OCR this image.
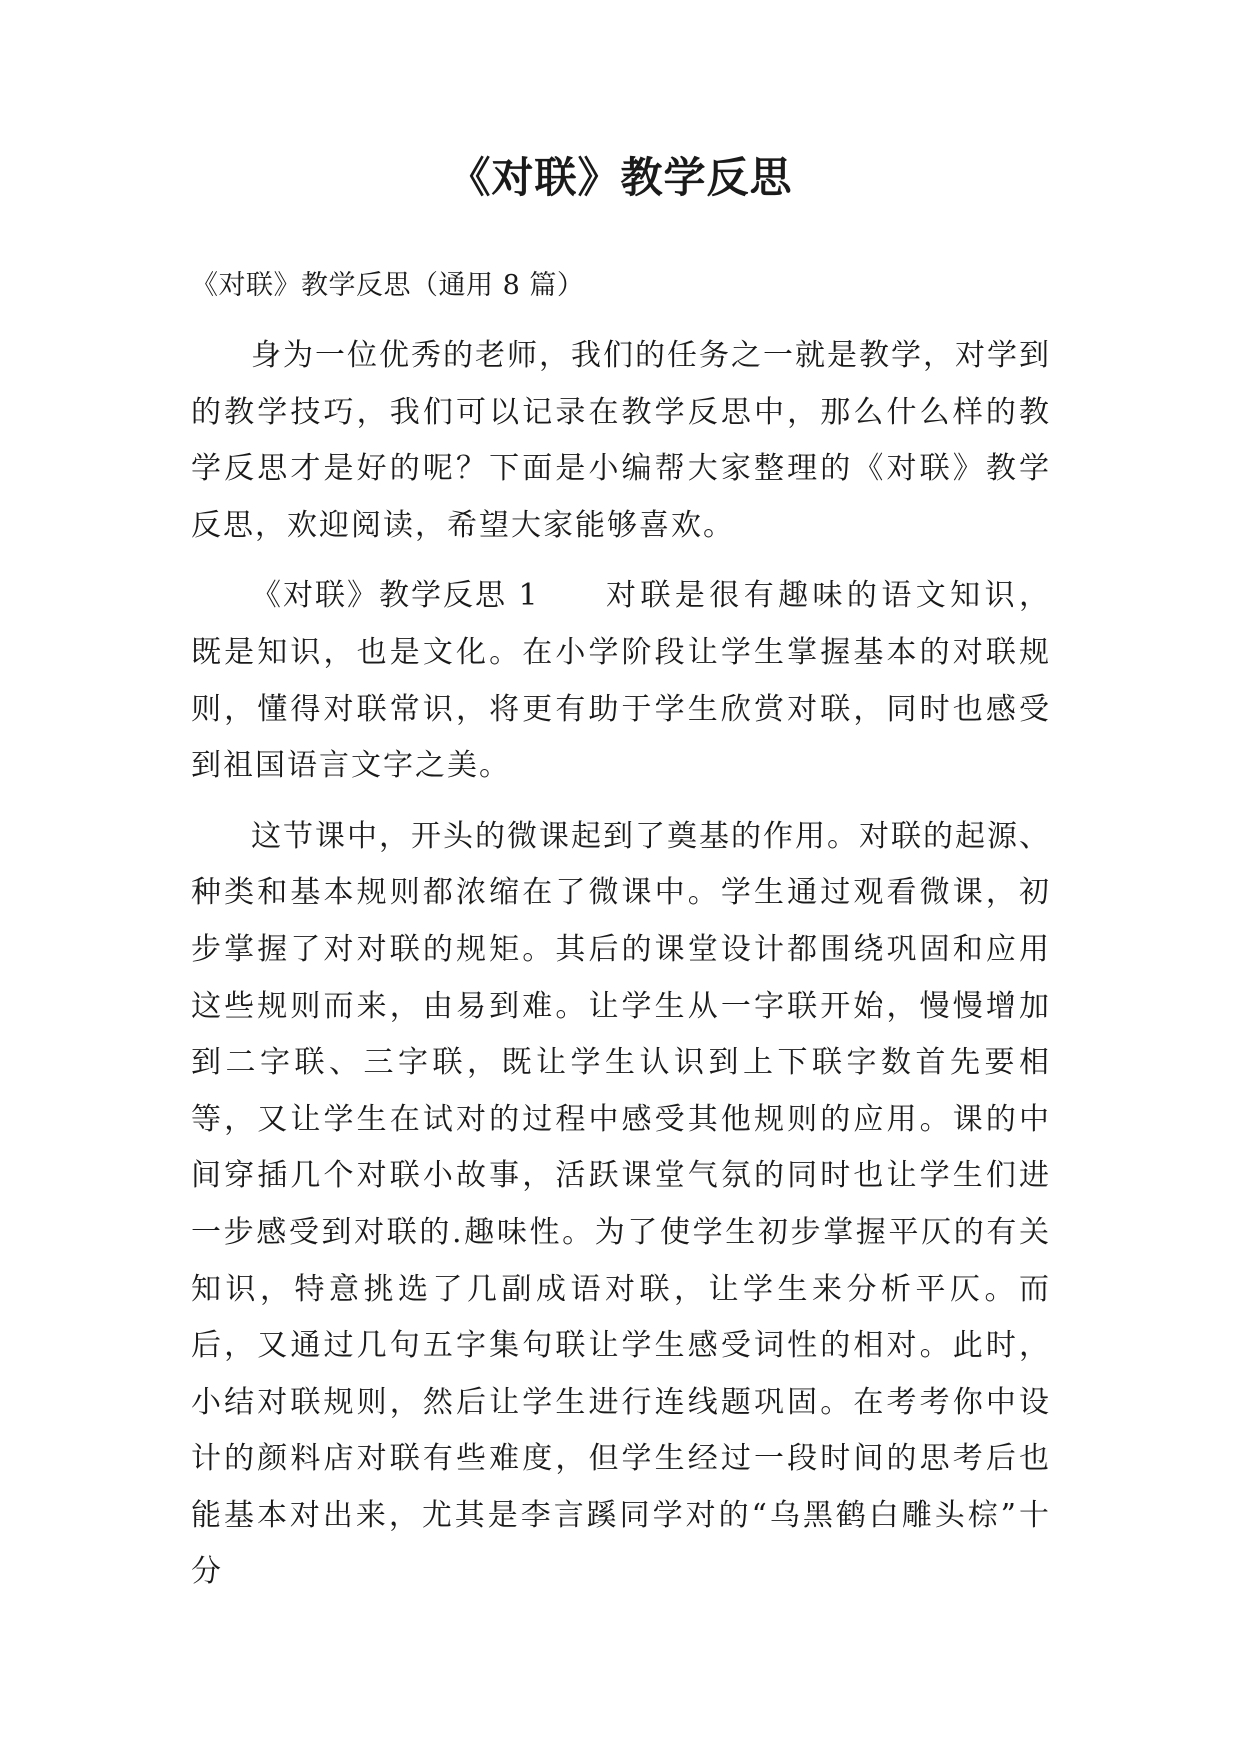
《对联》教学反思

《对联》教学反思（通用 8 篇）

身为一位优秀的老师，我们的任务之一就是教学，对学到的教学技巧，我们可以记录在教学反思中，那么什么样的教学反思才是好的呢？下面是小编帮大家整理的《对联》教学反思，欢迎阅读，希望大家能够喜欢。

《对联》教学反思 1 对联是很有趣味的语文知识，既是知识，也是文化。在小学阶段让学生掌握基本的对联规则，懂得对联常识，将更有助于学生欣赏对联，同时也感受到祖国语言文字之美。

这节课中，开头的微课起到了奠基的作用。对联的起源、种类和基本规则都浓缩在了微课中。学生通过观看微课，初步掌握了对对联的规矩。其后的课堂设计都围绕巩固和应用这些规则而来，由易到难。让学生从一字联开始，慢慢增加到二字联、三字联，既让学生认识到上下联字数首先要相等，又让学生在试对的过程中感受其他规则的应用。课的中间穿插几个对联小故事，活跃课堂气氛的同时也让学生们进一步感受到对联的.趣味性。为了使学生初步掌握平仄的有关知识，特意挑选了几副成语对联，让学生来分析平仄。而后，又通过几句五字集句联让学生感受词性的相对。此时，小结对联规则，然后让学生进行连线题巩固。在考考你中设计的颜料店对联有些难度，但学生经过一段时间的思考后也能基本对出来，尤其是李言蹊同学对的“乌黑鹤白雕头棕”十分
